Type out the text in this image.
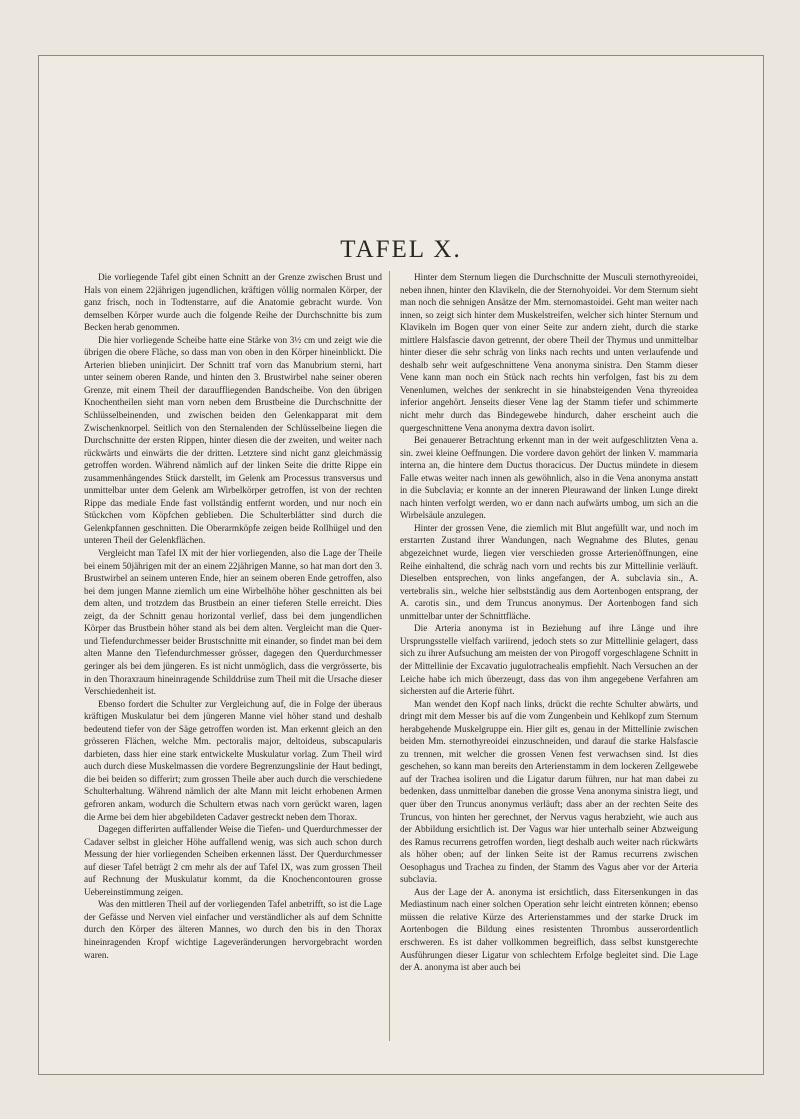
TAFEL X.

Die vorliegende Tafel gibt einen Schnitt an der Grenze zwischen Brust und Hals von einem 22jährigen jugendlichen, kräftigen völlig normalen Körper, der ganz frisch, noch in Todtenstarre, auf die Anatomie gebracht wurde. Von demselben Körper wurde auch die folgende Reihe der Durchschnitte bis zum Becken herab genommen.

Die hier vorliegende Scheibe hatte eine Stärke von 3½ cm und zeigt wie die übrigen die obere Fläche, so dass man von oben in den Körper hineinblickt. Die Arterien blieben uninjicirt. Der Schnitt traf vorn das Manubrium sterni, hart unter seinem oberen Rande, und hinten den 3. Brustwirbel nahe seiner oberen Grenze, mit einem Theil der darauffliegenden Bandscheibe. Von den übrigen Knochentheilen sieht man vorn neben dem Brustbeine die Durchschnitte der Schlüsselbeinenden, und zwischen beiden den Gelenkapparat mit dem Zwischenknorpel. Seitlich von den Sternalenden der Schlüsselbeine liegen die Durchschnitte der ersten Rippen, hinter diesen die der zweiten, und weiter nach rückwärts und einwärts die der dritten. Letztere sind nicht ganz gleichmässig getroffen worden. Während nämlich auf der linken Seite die dritte Rippe ein zusammenhängendes Stück darstellt, im Gelenk am Processus transversus und unmittelbar unter dem Gelenk am Wirbelkörper getroffen, ist von der rechten Rippe das mediale Ende fast vollständig entfernt worden, und nur noch ein Stückchen vom Köpfchen geblieben. Die Schulterblätter sind durch die Gelenkpfannen geschnitten. Die Oberarmköpfe zeigen beide Rollhügel und den unteren Theil der Gelenkflächen.

Vergleicht man Tafel IX mit der hier vorliegenden, also die Lage der Theile bei einem 50jährigen mit der an einem 22jährigen Manne, so hat man dort den 3. Brustwirbel an seinem unteren Ende, hier an seinem oberen Ende getroffen, also bei dem jungen Manne ziemlich um eine Wirbelhöhe höher geschnitten als bei dem alten, und trotzdem das Brustbein an einer tieferen Stelle erreicht. Dies zeigt, da der Schnitt genau horizontal verlief, dass bei dem jungendlichen Körper das Brustbein höher stand als bei dem alten. Vergleicht man die Quer- und Tiefendurchmesser beider Brustschnitte mit einander, so findet man bei dem alten Manne den Tiefendurchmesser grösser, dagegen den Querdurchmesser geringer als bei dem jüngeren. Es ist nicht unmöglich, dass die vergrösserte, bis in den Thoraxraum hineinragende Schilddrüse zum Theil mit die Ursache dieser Verschiedenheit ist.

Ebenso fordert die Schulter zur Vergleichung auf, die in Folge der überaus kräftigen Muskulatur bei dem jüngeren Manne viel höher stand und deshalb bedeutend tiefer von der Säge getroffen worden ist. Man erkennt gleich an den grösseren Flächen, welche Mm. pectoralis major, deltoideus, subscapularis darbieten, dass hier eine stark entwickelte Muskulatur vorlag. Zum Theil wird auch durch diese Muskelmassen die vordere Begrenzungslinie der Haut bedingt, die bei beiden so differirt; zum grossen Theile aber auch durch die verschiedene Schulterhaltung. Während nämlich der alte Mann mit leicht erhobenen Armen gefroren ankam, wodurch die Schultern etwas nach vorn gerückt waren, lagen die Arme bei dem hier abgebildeten Cadaver gestreckt neben dem Thorax.

Dagegen differirten auffallender Weise die Tiefen- und Querdurchmesser der Cadaver selbst in gleicher Höhe auffallend wenig, was sich auch schon durch Messung der hier vorliegenden Scheiben erkennen lässt. Der Querdurchmesser auf dieser Tafel beträgt 2 cm mehr als der auf Tafel IX, was zum grossen Theil auf Rechnung der Muskulatur kommt, da die Knochencontouren grosse Uebereinstimmung zeigen.

Was den mittleren Theil auf der vorliegenden Tafel anbetrifft, so ist die Lage der Gefässe und Nerven viel einfacher und verständlicher als auf dem Schnitte durch den Körper des älteren Mannes, wo durch den bis in den Thorax hineinragenden Kropf wichtige Lageveränderungen hervorgebracht worden waren.

Hinter dem Sternum liegen die Durchschnitte der Musculi sternothyreoidei, neben ihnen, hinter den Klavikeln, die der Sternohyoidei. Vor dem Sternum sieht man noch die sehnigen Ansätze der Mm. sternomastoidei. Geht man weiter nach innen, so zeigt sich hinter dem Muskelstreifen, welcher sich hinter Sternum und Klavikeln im Bogen quer von einer Seite zur andern zieht, durch die starke mittlere Halsfascie davon getrennt, der obere Theil der Thymus und unmittelbar hinter dieser die sehr schräg von links nach rechts und unten verlaufende und deshalb sehr weit aufgeschnittene Vena anonyma sinistra. Den Stamm dieser Vene kann man noch ein Stück nach rechts hin verfolgen, fast bis zu dem Venenlumen, welches der senkrecht in sie hinabsteigenden Vena thyreoidea inferior angehört. Jenseits dieser Vene lag der Stamm tiefer und schimmerte nicht mehr durch das Bindegewebe hindurch, daher erscheint auch die quergeschnittene Vena anonyma dextra davon isolirt.

Bei genauerer Betrachtung erkennt man in der weit aufgeschlitzten Vena a. sin. zwei kleine Oeffnungen. Die vordere davon gehört der linken V. mammaria interna an, die hintere dem Ductus thoracicus. Der Ductus mündete in diesem Falle etwas weiter nach innen als gewöhnlich, also in die Vena anonyma anstatt in die Subclavia; er konnte an der inneren Pleurawand der linken Lunge direkt nach hinten verfolgt werden, wo er dann nach aufwärts umbog, um sich an die Wirbelsäule anzulegen.

Hinter der grossen Vene, die ziemlich mit Blut angefüllt war, und noch im erstarrten Zustand ihrer Wandungen, nach Wegnahme des Blutes, genau abgezeichnet wurde, liegen vier verschieden grosse Arterienöffnungen, eine Reihe einhaltend, die schräg nach vorn und rechts bis zur Mittellinie verläuft. Dieselben entsprechen, von links angefangen, der A. subclavia sin., A. vertebralis sin., welche hier selbstständig aus dem Aortenbogen entsprang, der A. carotis sin., und dem Truncus anonymus. Der Aortenbogen fand sich unmittelbar unter der Schnittfläche.

Die Arteria anonyma ist in Beziehung auf ihre Länge und ihre Ursprungsstelle vielfach variirend, jedoch stets so zur Mittellinie gelagert, dass sich zu ihrer Aufsuchung am meisten der von Pirogoff vorgeschlagene Schnitt in der Mittellinie der Excavatio jugulotrachealis empfiehlt. Nach Versuchen an der Leiche habe ich mich überzeugt, dass das von ihm angegebene Verfahren am sichersten auf die Arterie führt.

Man wendet den Kopf nach links, drückt die rechte Schulter abwärts, und dringt mit dem Messer bis auf die vom Zungenbein und Kehlkopf zum Sternum herabgehende Muskelgruppe ein. Hier gilt es, genau in der Mittellinie zwischen beiden Mm. sternothyreoidei einzuschneiden, und darauf die starke Halsfascie zu trennen, mit welcher die grossen Venen fest verwachsen sind. Ist dies geschehen, so kann man bereits den Arterienstamm in dem lockeren Zellgewebe auf der Trachea isoliren und die Ligatur darum führen, nur hat man dabei zu bedenken, dass unmittelbar daneben die grosse Vena anonyma sinistra liegt, und quer über den Truncus anonymus verläuft; dass aber an der rechten Seite des Truncus, von hinten her gerechnet, der Nervus vagus herabzieht, wie auch aus der Abbildung ersichtlich ist. Der Vagus war hier unterhalb seiner Abzweigung des Ramus recurrens getroffen worden, liegt deshalb auch weiter nach rückwärts als höher oben; auf der linken Seite ist der Ramus recurrens zwischen Oesophagus und Trachea zu finden, der Stamm des Vagus aber vor der Arteria subclavia.

Aus der Lage der A. anonyma ist ersichtlich, dass Eitersenkungen in das Mediastinum nach einer solchen Operation sehr leicht eintreten können; ebenso müssen die relative Kürze des Arterienstammes und der starke Druck im Aortenbogen die Bildung eines resistenten Thrombus ausserordentlich erschweren. Es ist daher vollkommen begreiflich, dass selbst kunstgerechte Ausführungen dieser Ligatur von schlechtem Erfolge begleitet sind. Die Lage der A. anonyma ist aber auch bei
